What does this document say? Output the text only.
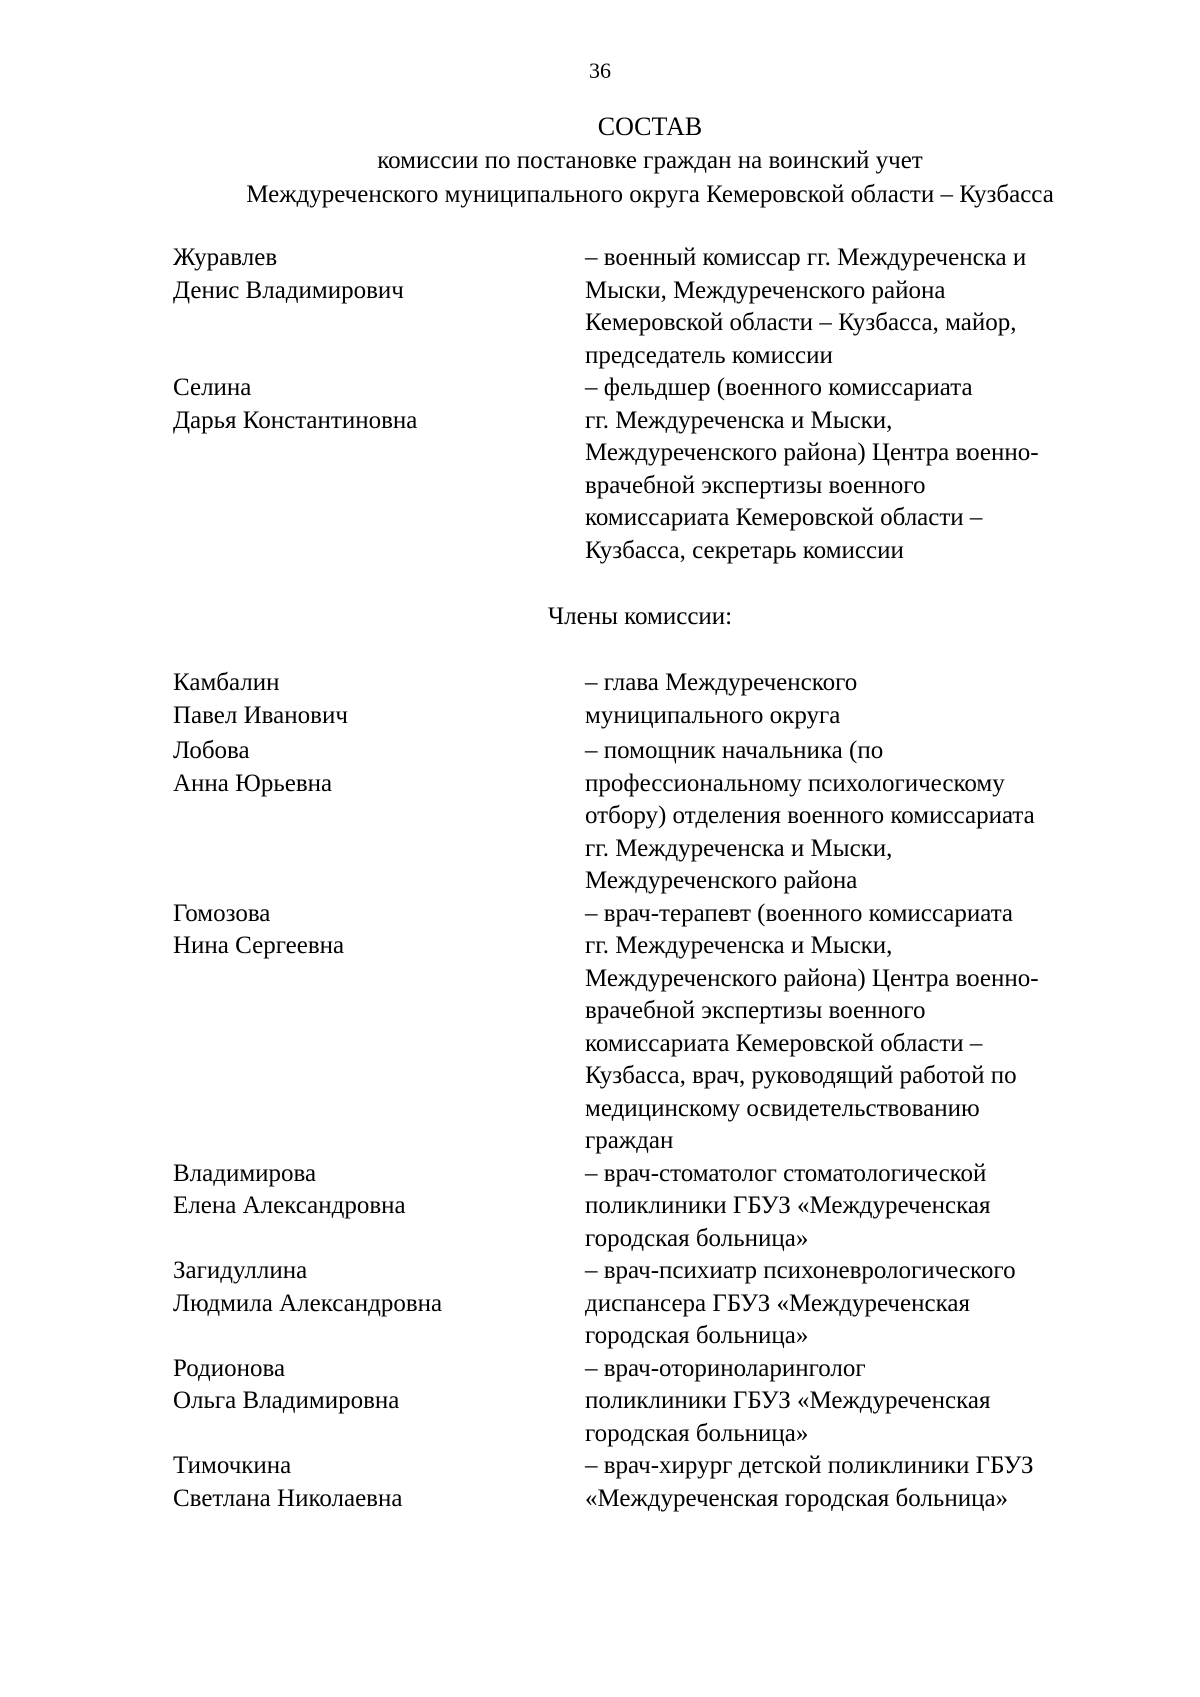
36
СОСТАВ
комиссии по постановке граждан на воинский учет
Междуреченского муниципального округа Кемеровской области – Кузбасса
Журавлев
Денис Владимирович
– военный комиссар гг. Междуреченска и
Мыски, Междуреченского района
Кемеровской области – Кузбасса, майор,
председатель комиссии
Селина
Дарья Константиновна
– фельдшер (военного комиссариата
гг. Междуреченска и Мыски,
Междуреченского района) Центра военно-
врачебной экспертизы военного
комиссариата Кемеровской области –
Кузбасса, секретарь комиссии
Члены комиссии:
Камбалин
Павел Иванович
– глава Междуреченского
муниципального округа
Лобова
Анна Юрьевна
– помощник начальника (по
профессиональному психологическому
отбору) отделения военного комиссариата
гг. Междуреченска и Мыски,
Междуреченского района
Гомозова
Нина Сергеевна
– врач-терапевт (военного комиссариата
гг. Междуреченска и Мыски,
Междуреченского района) Центра военно-
врачебной экспертизы военного
комиссариата Кемеровской области –
Кузбасса, врач, руководящий работой по
медицинскому освидетельствованию
граждан
Владимирова
Елена Александровна
– врач-стоматолог стоматологической
поликлиники ГБУЗ «Междуреченская
городская больница»
Загидуллина
Людмила Александровна
– врач-психиатр психоневрологического
диспансера ГБУЗ «Междуреченская
городская больница»
Родионова
Ольга Владимировна
– врач-оториноларинголог
поликлиники ГБУЗ «Междуреченская
городская больница»
Тимочкина
Светлана Николаевна
– врач-хирург детской поликлиники ГБУЗ
«Междуреченская городская больница»
